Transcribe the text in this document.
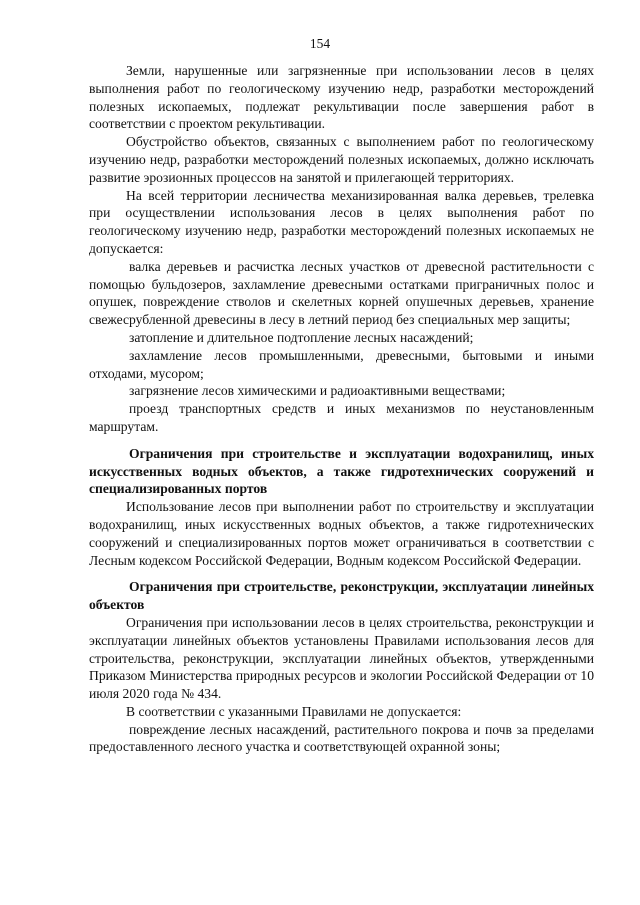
154

Земли, нарушенные или загрязненные при использовании лесов в целях выполнения работ по геологическому изучению недр, разработки месторождений полезных ископаемых, подлежат рекультивации после завершения работ в соответствии с проектом рекультивации.

Обустройство объектов, связанных с выполнением работ по геологическому изучению недр, разработки месторождений полезных ископаемых, должно исключать развитие эрозионных процессов на занятой и прилегающей территориях.

На всей территории лесничества механизированная валка деревьев, трелевка при осуществлении использования лесов в целях выполнения работ по геологическому изучению недр, разработки месторождений полезных ископаемых не допускается:

валка деревьев и расчистка лесных участков от древесной растительности с помощью бульдозеров, захламление древесными остатками приграничных полос и опушек, повреждение стволов и скелетных корней опушечных деревьев, хранение свежесрубленной древесины в лесу в летний период без специальных мер защиты;

затопление и длительное подтопление лесных насаждений;

захламление лесов промышленными, древесными, бытовыми и иными отходами, мусором;

загрязнение лесов химическими и радиоактивными веществами;

проезд транспортных средств и иных механизмов по неустановленным маршрутам.

Ограничения при строительстве и эксплуатации водохранилищ, иных искусственных водных объектов, а также гидротехнических сооружений и специализированных портов

Использование лесов при выполнении работ по строительству и эксплуатации водохранилищ, иных искусственных водных объектов, а также гидротехнических сооружений и специализированных портов может ограничиваться в соответствии с Лесным кодексом Российской Федерации, Водным кодексом Российской Федерации.

Ограничения при строительстве, реконструкции, эксплуатации линейных объектов

Ограничения при использовании лесов в целях строительства, реконструкции и эксплуатации линейных объектов установлены Правилами использования лесов для строительства, реконструкции, эксплуатации линейных объектов, утвержденными Приказом Министерства природных ресурсов и экологии Российской Федерации от 10 июля 2020 года № 434.

В соответствии с указанными Правилами не допускается:

повреждение лесных насаждений, растительного покрова и почв за пределами предоставленного лесного участка и соответствующей охранной зоны;
